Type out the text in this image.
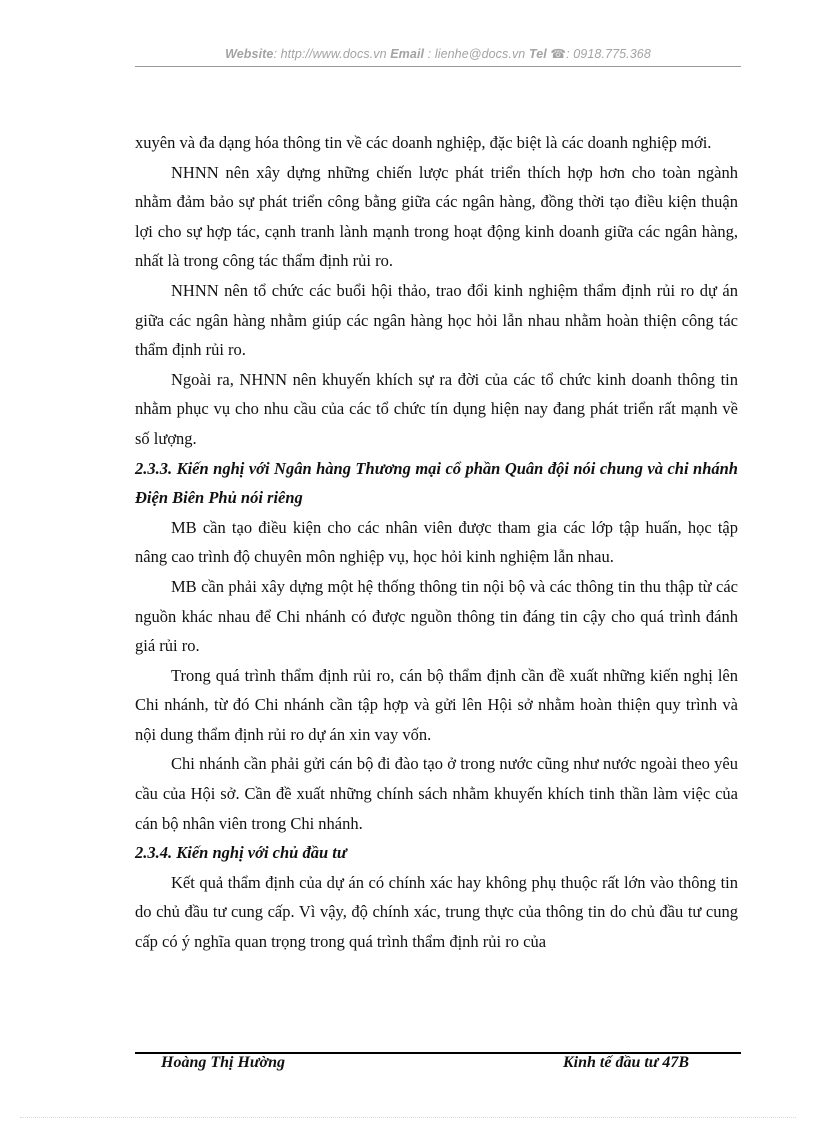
Website: http://www.docs.vn Email : lienhe@docs.vn Tel ☎: 0918.775.368

xuyên và đa dạng hóa thông tin về các doanh nghiệp, đặc biệt là các doanh nghiệp mới.

NHNN nên xây dựng những chiến lược phát triển thích hợp hơn cho toàn ngành nhằm đảm bảo sự phát triển công bằng giữa các ngân hàng, đồng thời tạo điều kiện thuận lợi cho sự hợp tác, cạnh tranh lành mạnh trong hoạt động kinh doanh giữa các ngân hàng, nhất là trong công tác thẩm định rủi ro.

NHNN nên tổ chức các buổi hội thảo, trao đổi kinh nghiệm thẩm định rủi ro dự án giữa các ngân hàng nhằm giúp các ngân hàng học hỏi lẫn nhau nhằm hoàn thiện công tác thẩm định rủi ro.

Ngoài ra, NHNN nên khuyến khích sự ra đời của các tổ chức kinh doanh thông tin nhằm phục vụ cho nhu cầu của các tổ chức tín dụng hiện nay đang phát triển rất mạnh về số lượng.

2.3.3. Kiến nghị với Ngân hàng Thương mại cổ phần Quân đội nói chung và chi nhánh Điện Biên Phủ nói riêng

MB cần tạo điều kiện cho các nhân viên được tham gia các lớp tập huấn, học tập nâng cao trình độ chuyên môn nghiệp vụ, học hỏi kinh nghiệm lẫn nhau.

MB cần phải xây dựng một hệ thống thông tin nội bộ và các thông tin thu thập từ các nguồn khác nhau để Chi nhánh có được nguồn thông tin đáng tin cậy cho quá trình đánh giá rủi ro.

Trong quá trình thẩm định rủi ro, cán bộ thẩm định cần đề xuất những kiến nghị lên Chi nhánh, từ đó Chi nhánh cần tập hợp và gửi lên Hội sở nhằm hoàn thiện quy trình và nội dung thẩm định rủi ro dự án xin vay vốn.

Chi nhánh cần phải gửi cán bộ đi đào tạo ở trong nước cũng như nước ngoài theo yêu cầu của Hội sở. Cần đề xuất những chính sách nhằm khuyến khích tinh thần làm việc của cán bộ nhân viên trong Chi nhánh.

2.3.4. Kiến nghị với chủ đầu tư

Kết quả thẩm định của dự án có chính xác hay không phụ thuộc rất lớn vào thông tin do chủ đầu tư cung cấp. Vì vậy, độ chính xác, trung thực của thông tin do chủ đầu tư cung cấp có ý nghĩa quan trọng trong quá trình thẩm định rủi ro của

Hoàng Thị Hường	Kinh tế đầu tư 47B
